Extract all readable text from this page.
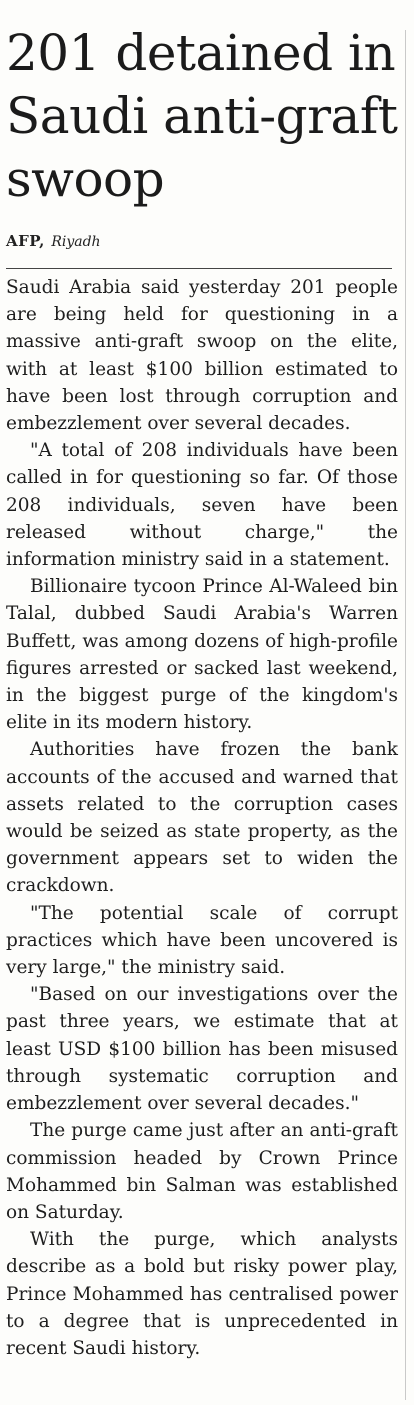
201 detained in Saudi anti-graft swoop
AFP, Riyadh

Saudi Arabia said yesterday 201 people are being held for questioning in a massive anti-graft swoop on the elite, with at least $100 billion estimated to have been lost through corruption and embezzlement over several decades.

"A total of 208 individuals have been called in for questioning so far. Of those 208 individuals, seven have been released without charge," the information ministry said in a statement.

Billionaire tycoon Prince Al-Waleed bin Talal, dubbed Saudi Arabia's Warren Buffett, was among dozens of high-profile figures arrested or sacked last weekend, in the biggest purge of the kingdom's elite in its modern history.

Authorities have frozen the bank accounts of the accused and warned that assets related to the corruption cases would be seized as state property, as the government appears set to widen the crackdown.

"The potential scale of corrupt practices which have been uncovered is very large," the ministry said.

"Based on our investigations over the past three years, we estimate that at least USD $100 billion has been misused through systematic corruption and embezzlement over several decades."

The purge came just after an anti-graft commission headed by Crown Prince Mohammed bin Salman was established on Saturday.

With the purge, which analysts describe as a bold but risky power play, Prince Mohammed has centralised power to a degree that is unprecedented in recent Saudi history.
